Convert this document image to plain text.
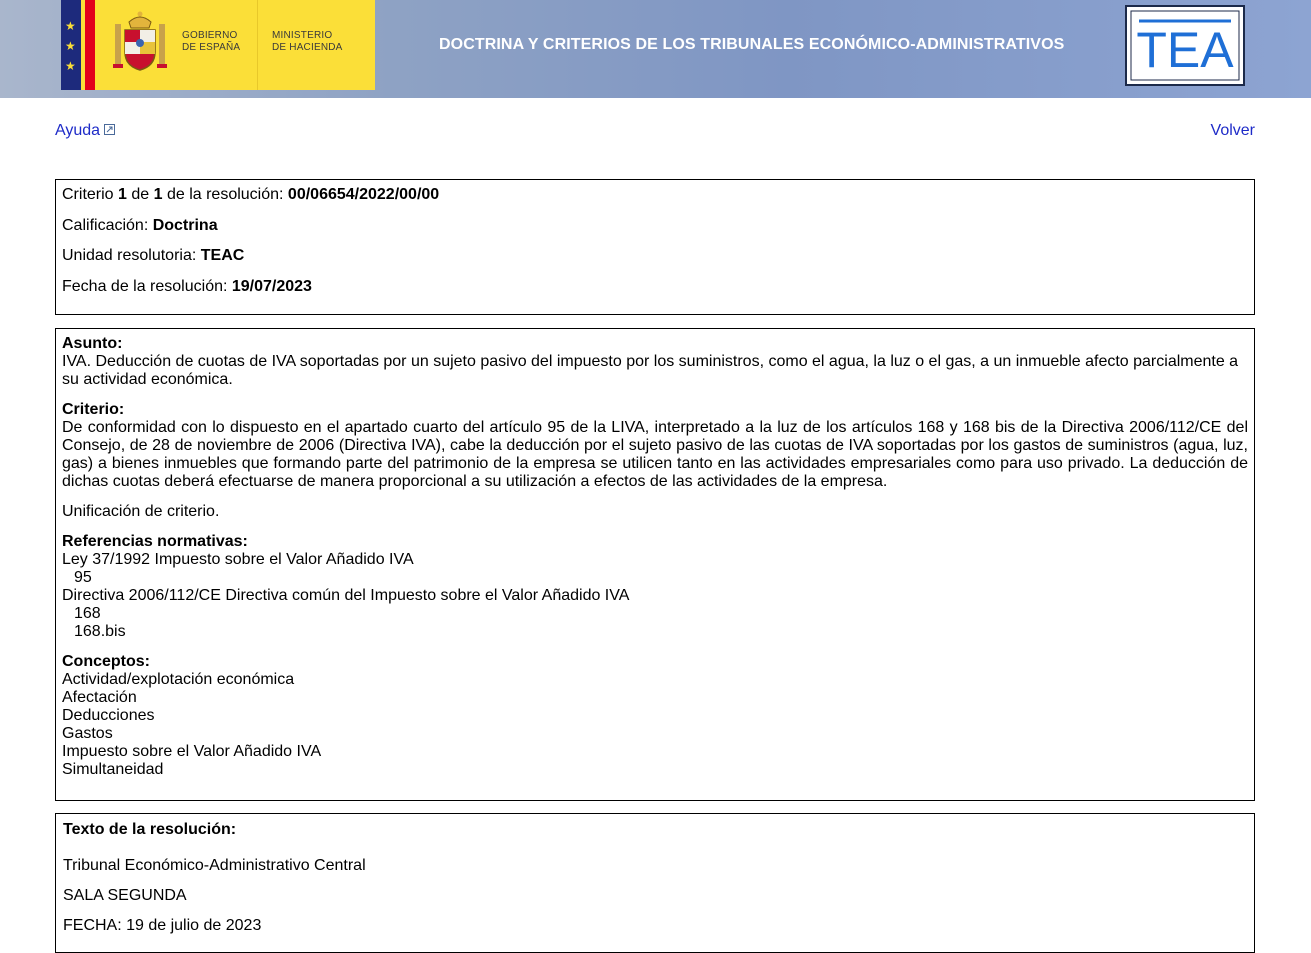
★
★
★
GOBIERNO
DE ESPAÑA
MINISTERIO
DE HACIENDA	DOCTRINA Y CRITERIOS DE LOS TRIBUNALES ECONÓMICO-ADMINISTRATIVOS TEA
Ayuda	Volver
Criterio 1 de 1 de la resolución: 00/06654/2022/00/00
Calificación: Doctrina
Unidad resolutoria: TEAC
Fecha de la resolución: 19/07/2023

Asunto:

IVA. Deducción de cuotas de IVA soportadas por un sujeto pasivo del impuesto por los suministros, como el agua, la luz o el gas, a un inmueble afecto parcialmente a su actividad económica.

Criterio:

De conformidad con lo dispuesto en el apartado cuarto del artículo 95 de la LIVA, interpretado a la luz de los artículos 168 y 168 bis de la Directiva 2006/112/CE del Consejo, de 28 de noviembre de 2006 (Directiva IVA), cabe la deducción por el sujeto pasivo de las cuotas de IVA soportadas por los gastos de suministros (agua, luz, gas) a bienes inmuebles que formando parte del patrimonio de la empresa se utilicen tanto en las actividades empresariales como para uso privado. La deducción de dichas cuotas deberá efectuarse de manera proporcional a su utilización a efectos de las actividades de la empresa.

Unificación de criterio.

Referencias normativas:

Ley 37/1992 Impuesto sobre el Valor Añadido IVA
95
Directiva 2006/112/CE Directiva común del Impuesto sobre el Valor Añadido IVA
168
168.bis

Conceptos:

Actividad/explotación económica
Afectación
Deducciones
Gastos
Impuesto sobre el Valor Añadido IVA
Simultaneidad

Texto de la resolución:

Tribunal Económico-Administrativo Central

SALA SEGUNDA

FECHA: 19 de julio de 2023
